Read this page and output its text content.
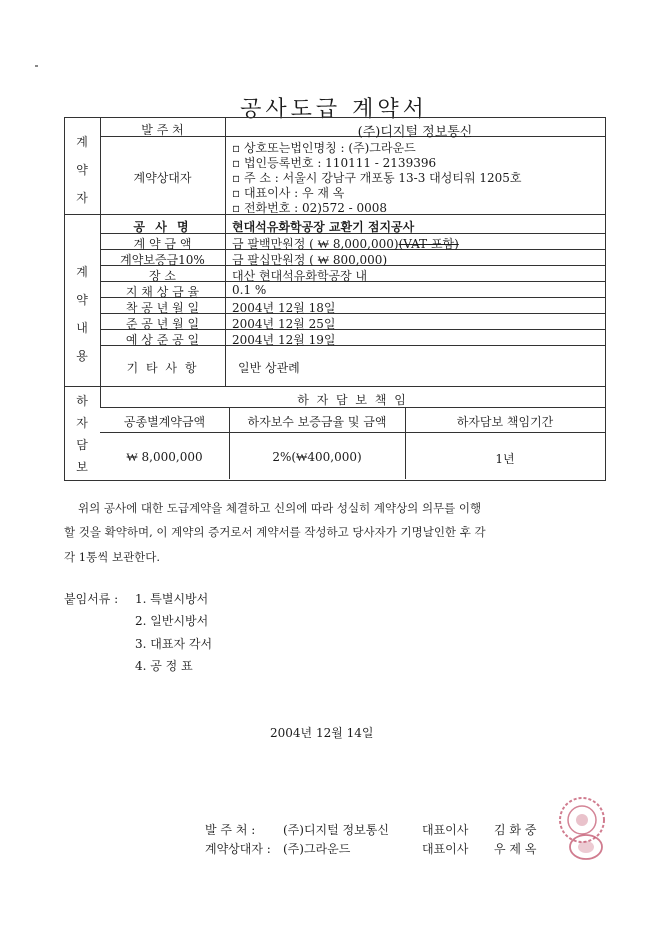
공사도급 계약서
계
약
자
발 주 처	(주)디지털 정보통신
계약상대자
▫ 상호또는법인명칭 : (주)그라운드
▫ 법인등록번호 : 110111 - 2139396
▫ 주 소 : 서울시 강남구 개포동 13-3 대성티워 1205호
▫ 대표이사 : 우 재 옥
▫ 전화번호 : 02)572 - 0008
계
약
내
용
공 사 명	현대석유화학공장 교환기 점지공사
계 약 금 액	금 팔백만원정 ( ₩ 8,000,000)(VAT 포함)
계약보증금10%	금 팔십만원정 ( ₩ 800,000)
장 소	대산 현대석유화학공장 내
지 채 상 금 율	0.1 %
착 공 년 월 일	2004년 12월 18일
준 공 년 월 일	2004년 12월 25일
예 상 준 공 일	2004년 12월 19일
기 타 사 항	일반 상관례
하
자
담
보
하 자 담 보 책 임
공종별계약금액	하자보수 보증금율 및 금액	하자담보 책임기간
₩ 8,000,000	2%(₩400,000)	1년
위의 공사에 대한 도급계약을 체결하고 신의에 따라 성실히 계약상의 의무를 이행
할 것을 확약하며, 이 계약의 증거로서 계약서를 작성하고 당사자가 기명날인한 후 각
각 1통씩 보관한다.
붙임서류 : 1. 특별시방서
2. 일반시방서
3. 대표자 각서
4. 공 정 표
2004년 12월 14일
발 주 처 : (주)디지털 정보통신	대표이사 김 화 중
계약상대자 : (주)그라운드	대표이사 우 제 옥
